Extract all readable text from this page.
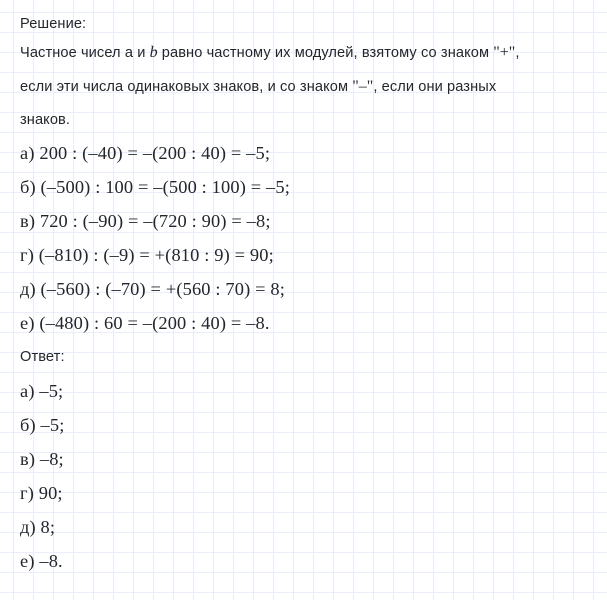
Решение:
Частное чисел a и b равно частному их модулей, взятому со знаком "+",
если эти числа одинаковых знаков, и со знаком "–", если они разных
знаков.
а) 200 : (–40) = –(200 : 40) = –5;
б) (–500) : 100 = –(500 : 100) = –5;
в) 720 : (–90) = –(720 : 90) = –8;
г) (–810) : (–9) = +(810 : 9) = 90;
д) (–560) : (–70) = +(560 : 70) = 8;
е) (–480) : 60 = –(200 : 40) = –8.
Ответ:
а) –5;
б) –5;
в) –8;
г) 90;
д) 8;
е) –8.
